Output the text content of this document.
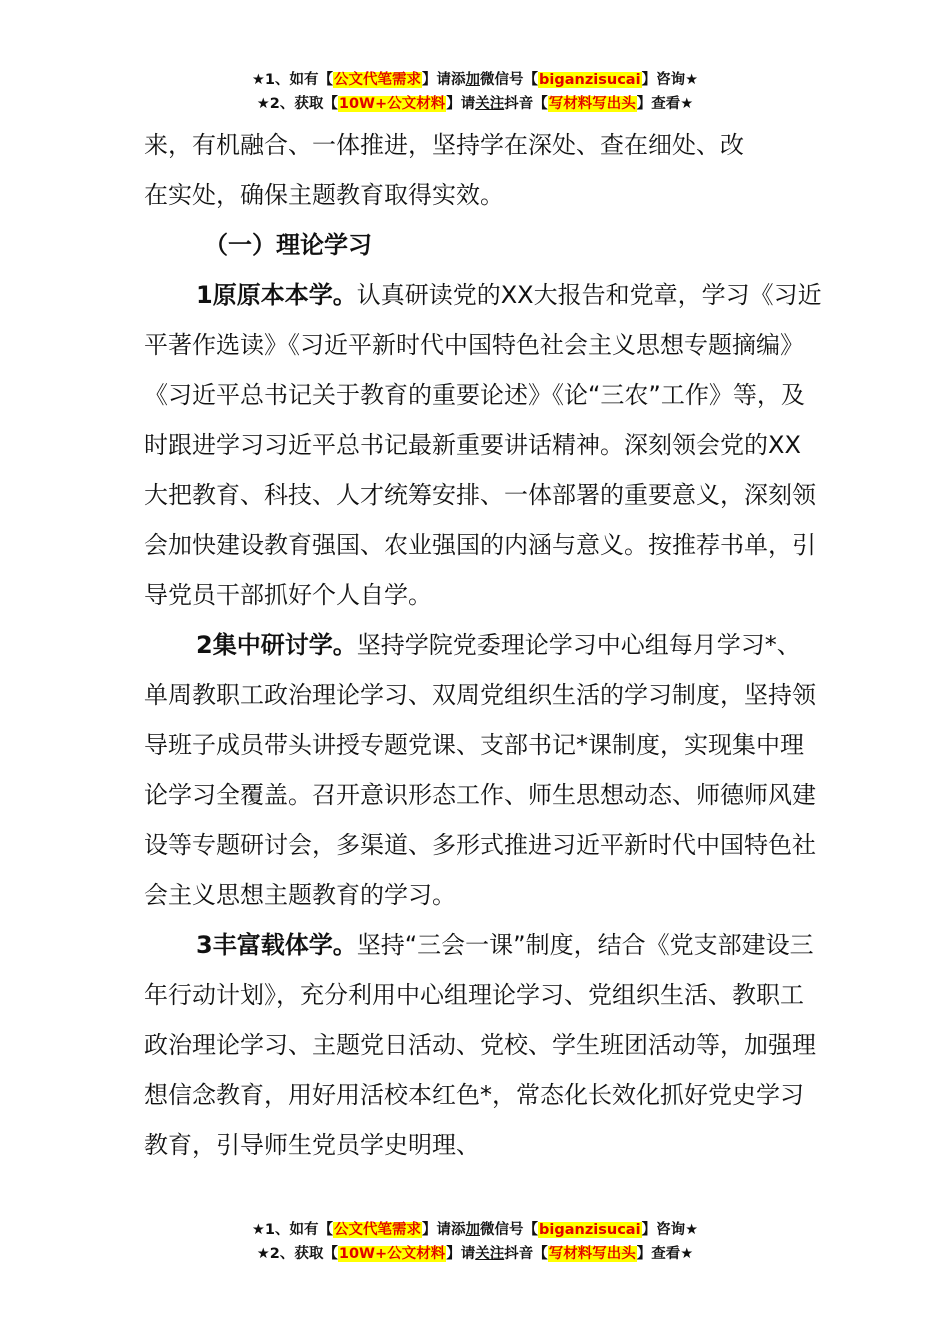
★1、如有【公文代笔需求】请添加微信号【biganzisucai】咨询★
★2、获取【10W+公文材料】请关注抖音【写材料写出头】查看★

来，有机融合、一体推进，坚持学在深处、查在细处、改

在实处，确保主题教育取得实效。

（一）理论学习

1原原本本学。认真研读党的XX大报告和党章，学习《习近平著作选读》《习近平新时代中国特色社会主义思想专题摘编》《习近平总书记关于教育的重要论述》《论“三农”工作》等，及时跟进学习习近平总书记最新重要讲话精神。深刻领会党的XX大把教育、科技、人才统筹安排、一体部署的重要意义，深刻领会加快建设教育强国、农业强国的内涵与意义。按推荐书单，引导党员干部抓好个人自学。

2集中研讨学。坚持学院党委理论学习中心组每月学习*、单周教职工政治理论学习、双周党组织生活的学习制度，坚持领导班子成员带头讲授专题党课、支部书记*课制度，实现集中理论学习全覆盖。召开意识形态工作、师生思想动态、师德师风建设等专题研讨会，多渠道、多形式推进习近平新时代中国特色社会主义思想主题教育的学习。

3丰富载体学。坚持“三会一课”制度，结合《党支部建设三年行动计划》，充分利用中心组理论学习、党组织生活、教职工政治理论学习、主题党日活动、党校、学生班团活动等，加强理想信念教育，用好用活校本红色*，常态化长效化抓好党史学习教育，引导师生党员学史明理、

★1、如有【公文代笔需求】请添加微信号【biganzisucai】咨询★
★2、获取【10W+公文材料】请关注抖音【写材料写出头】查看★
